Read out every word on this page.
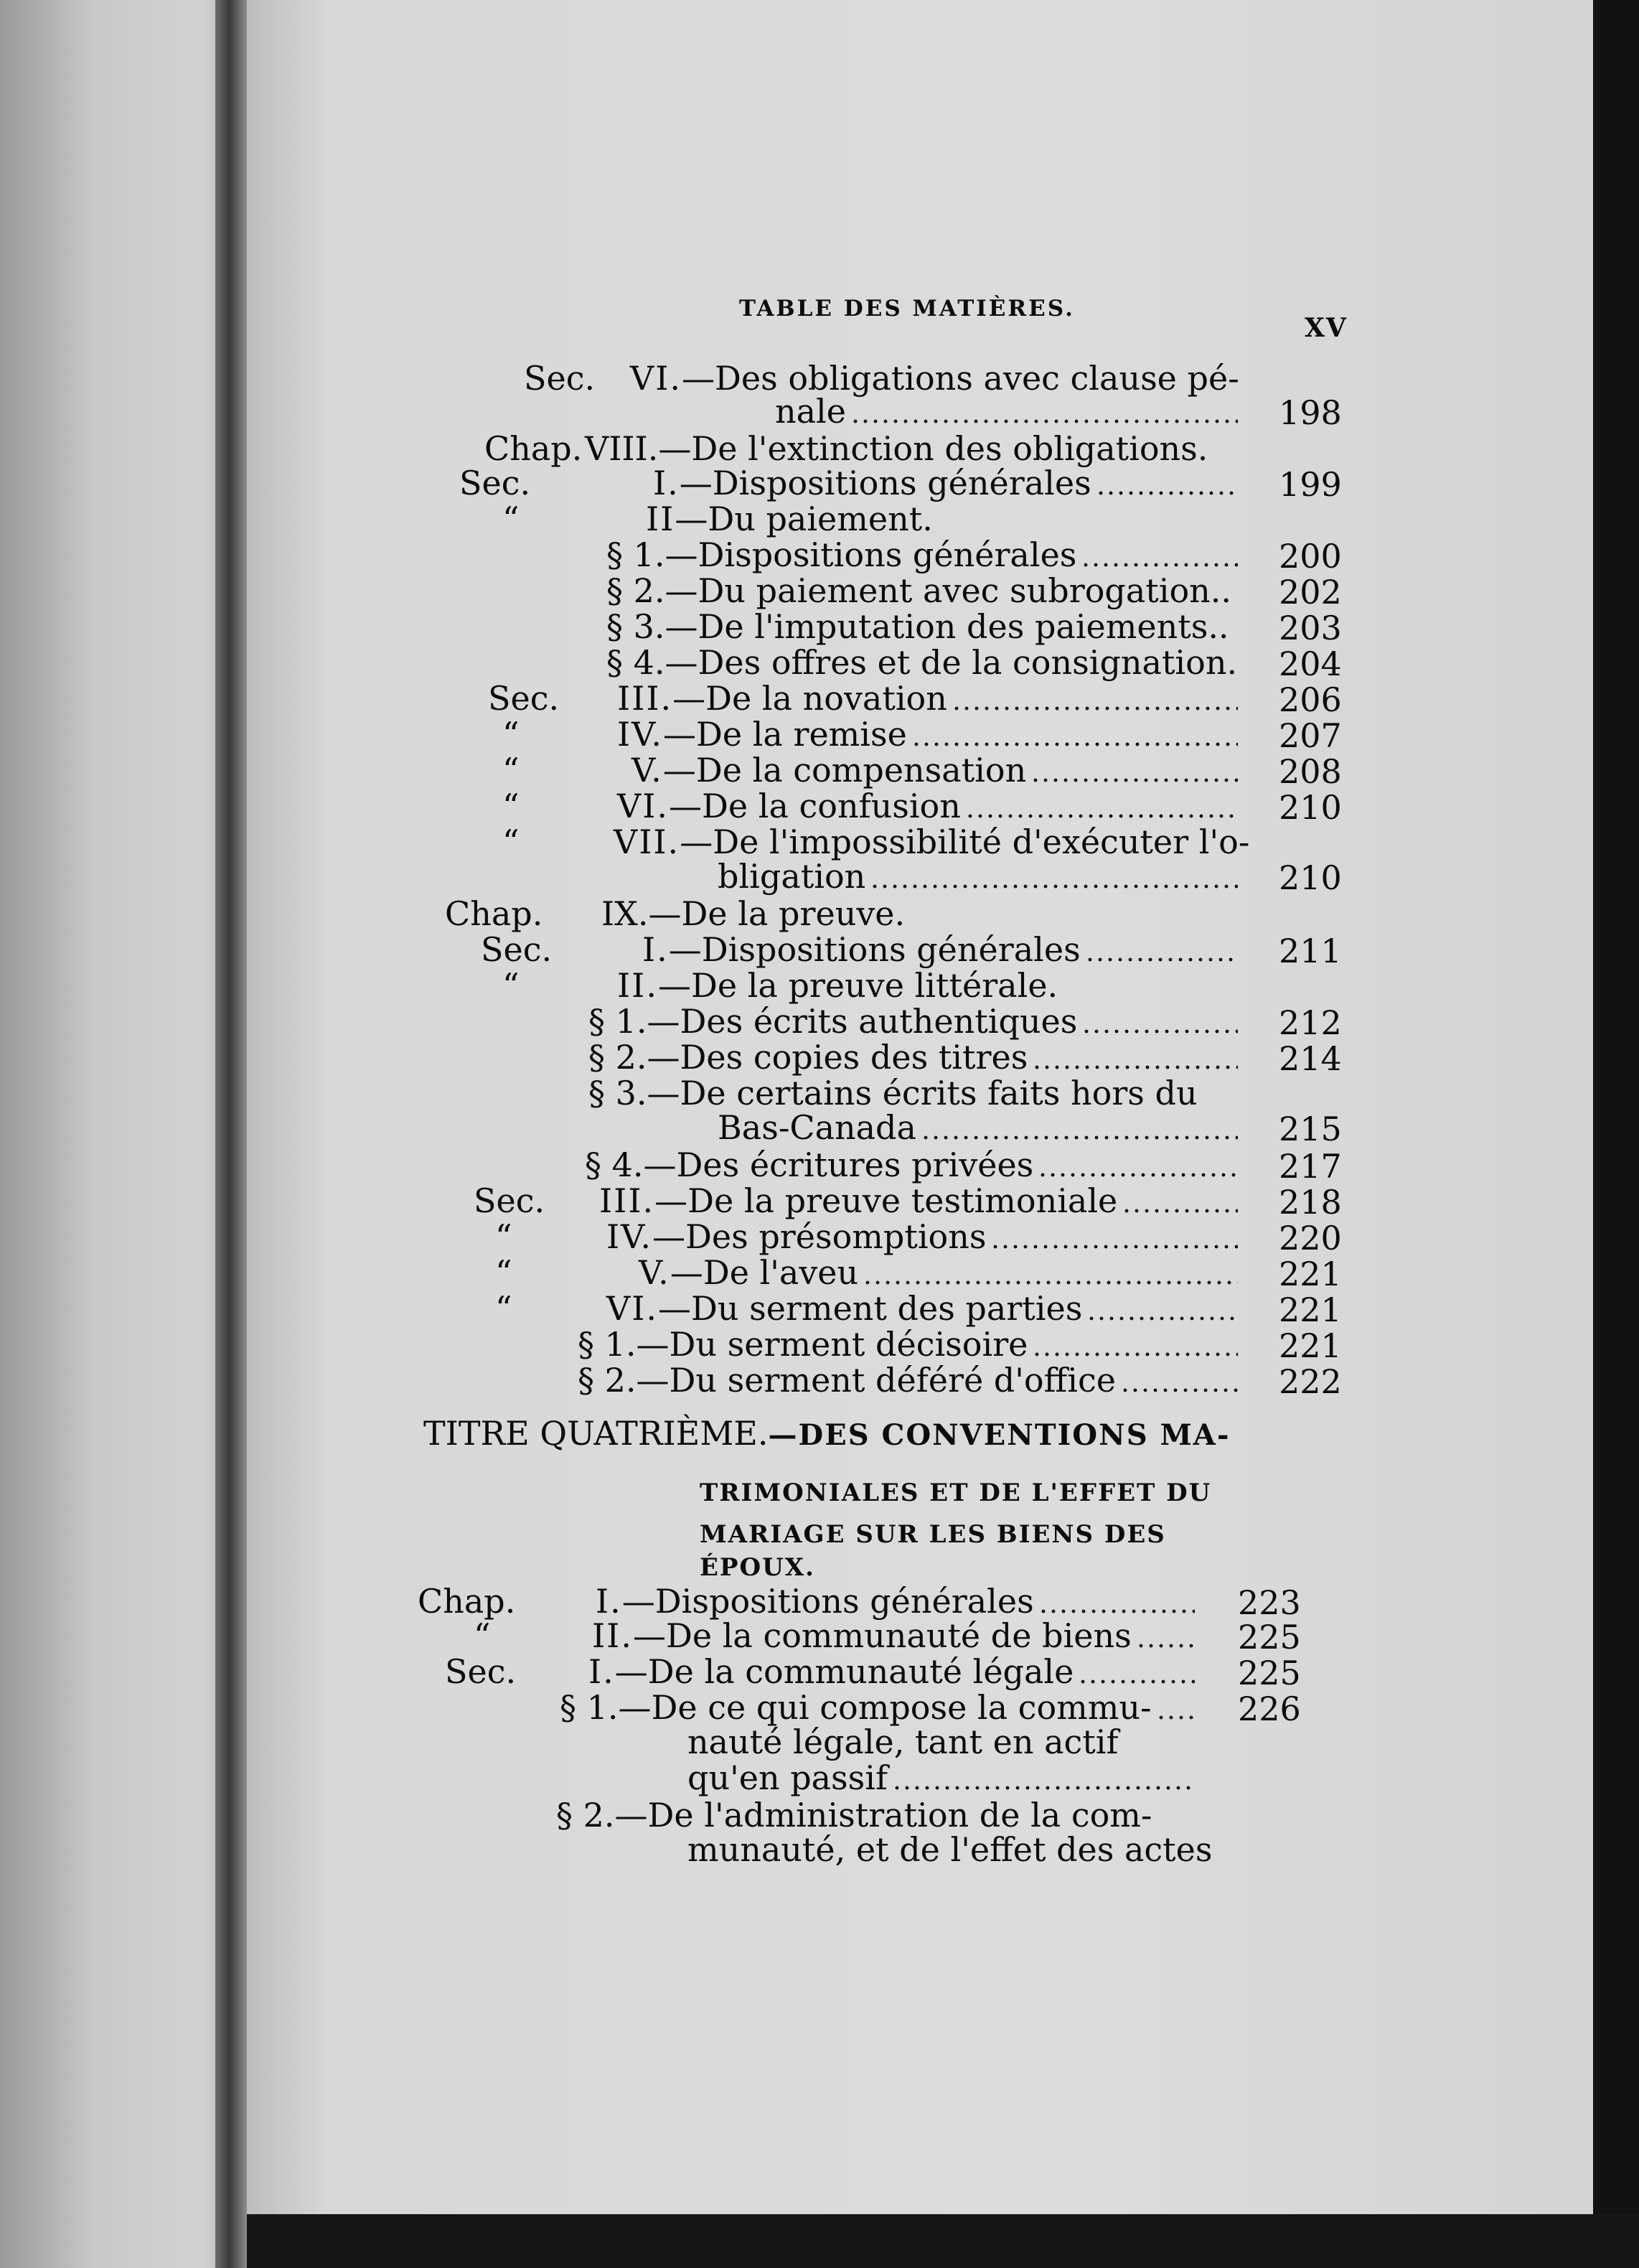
TABLE DES MATIÈRES.
XV
Sec. VI.—Des obligations avec clause pé-
nale	198
Chap. VIII.—De l'extinction des obligations.
Sec.	I.—Dispositions générales	199
“	II—Du paiement.
§ 1.—Dispositions générales	200
§ 2.—Du paiement avec subrogation.. 202
§ 3.—De l'imputation des paiements.. 203
§ 4.—Des offres et de la consignation. 204
Sec. III.—De la novation	206
“	IV.—De la remise	207
“	V.—De la compensation	208
“	VI.—De la confusion	210
“	VII.—De l'impossibilité d'exécuter l'o-
bligation	210
Chap. IX.—De la preuve.
Sec.	I.—Dispositions générales	211
“	II.—De la preuve littérale.
§ 1.—Des écrits authentiques	212
§ 2.—Des copies des titres	214
§ 3.—De certains écrits faits hors du
Bas-Canada	215
§ 4.—Des écritures privées	217
Sec. III.—De la preuve testimoniale	218
“	IV.—Des présomptions	220
“	V.—De l'aveu	221
“	VI.—Du serment des parties	221
§ 1.—Du serment décisoire	221
§ 2.—Du serment déféré d'office	222
TITRE QUATRIÈME.—DES CONVENTIONS MA-
TRIMONIALES ET DE L'EFFET DU
MARIAGE SUR LES BIENS DES
ÉPOUX.
Chap. I.—Dispositions générales	223
“	II.—De la communauté de biens	225
Sec. I.—De la communauté légale	225
§ 1.—De ce qui compose la commu-	226
nauté légale, tant en actif
qu'en passif
§ 2.—De l'administration de la com-
munauté, et de l'effet des actes
